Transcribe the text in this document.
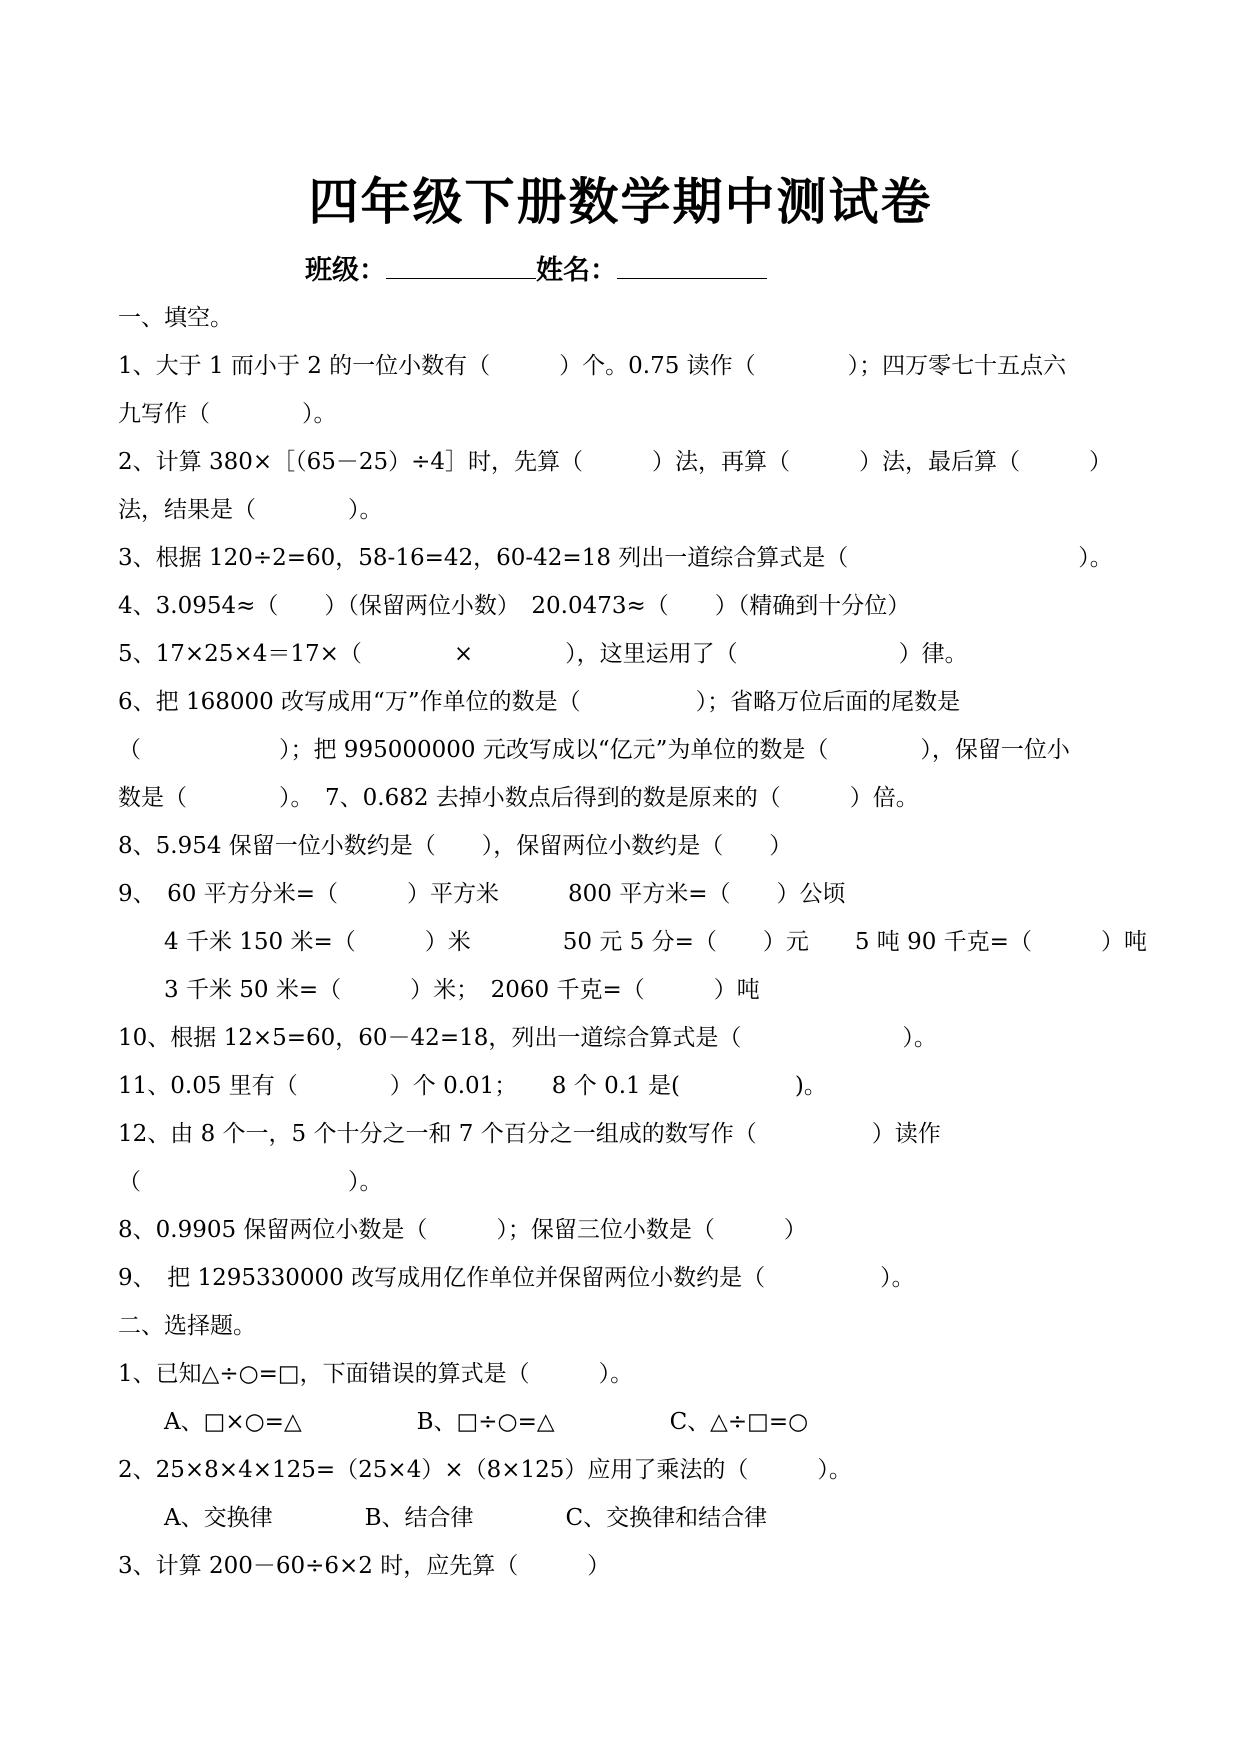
四年级下册数学期中测试卷
班级：	姓名：
一、填空。
1、大于 1 而小于 2 的一位小数有（　　　）个。0.75 读作（　　　　）；四万零七十五点六
九写作（　　　　）。
2、计算 380×［（65－25）÷4］时，先算（　　　）法，再算（　　　）法，最后算（　　　）
法，结果是（　　　　）。
3、根据 120÷2=60，58-16=42，60-42=18 列出一道综合算式是（　　　　　　　　　　）。
4、3.0954≈（　　）（保留两位小数）　20.0473≈（　　）（精确到十分位）
5、17×25×4＝17×（　　　　×　　　　），这里运用了（　　　　　　　）律。
6、把 168000 改写成用“万”作单位的数是（　　　　　）；省略万位后面的尾数是
（　　　　　　）；把 995000000 元改写成以“亿元”为单位的数是（　　　　），保留一位小
数是（　　　　）。　7、0.682 去掉小数点后得到的数是原来的（　　　）倍。
8、5.954 保留一位小数约是（　　），保留两位小数约是（　　）
9、　60 平方分米=（　　　）平方米　　　800 平方米=（　　）公顷
　　4 千米 150 米=（　　　）米　　　　50 元 5 分=（　　）元　　5 吨 90 千克=（　　　）吨
　　3 千米 50 米=（　　　）米；　2060 千克=（　　　）吨
10、根据 12×5=60，60－42=18，列出一道综合算式是（　　　　　　　）。
11、0.05 里有（　　　　）个 0.01；　　8 个 0.1 是(　　　　　)。
12、由 8 个一，5 个十分之一和 7 个百分之一组成的数写作（　　　　　）读作
（　　　　　　　　　）。
8、0.9905 保留两位小数是（　　　）；保留三位小数是（　　　）
9、　把 1295330000 改写成用亿作单位并保留两位小数约是（　　　　　）。
二、选择题。
1、已知△÷○=□，下面错误的算式是（　　　）。
　　A、□×○=△　　　　　B、□÷○=△　　　　　C、△÷□=○
2、25×8×4×125=（25×4）×（8×125）应用了乘法的（　　　）。
　　A、交换律　　　　B、结合律　　　　C、交换律和结合律
3、计算 200－60÷6×2 时，应先算（　　　）
